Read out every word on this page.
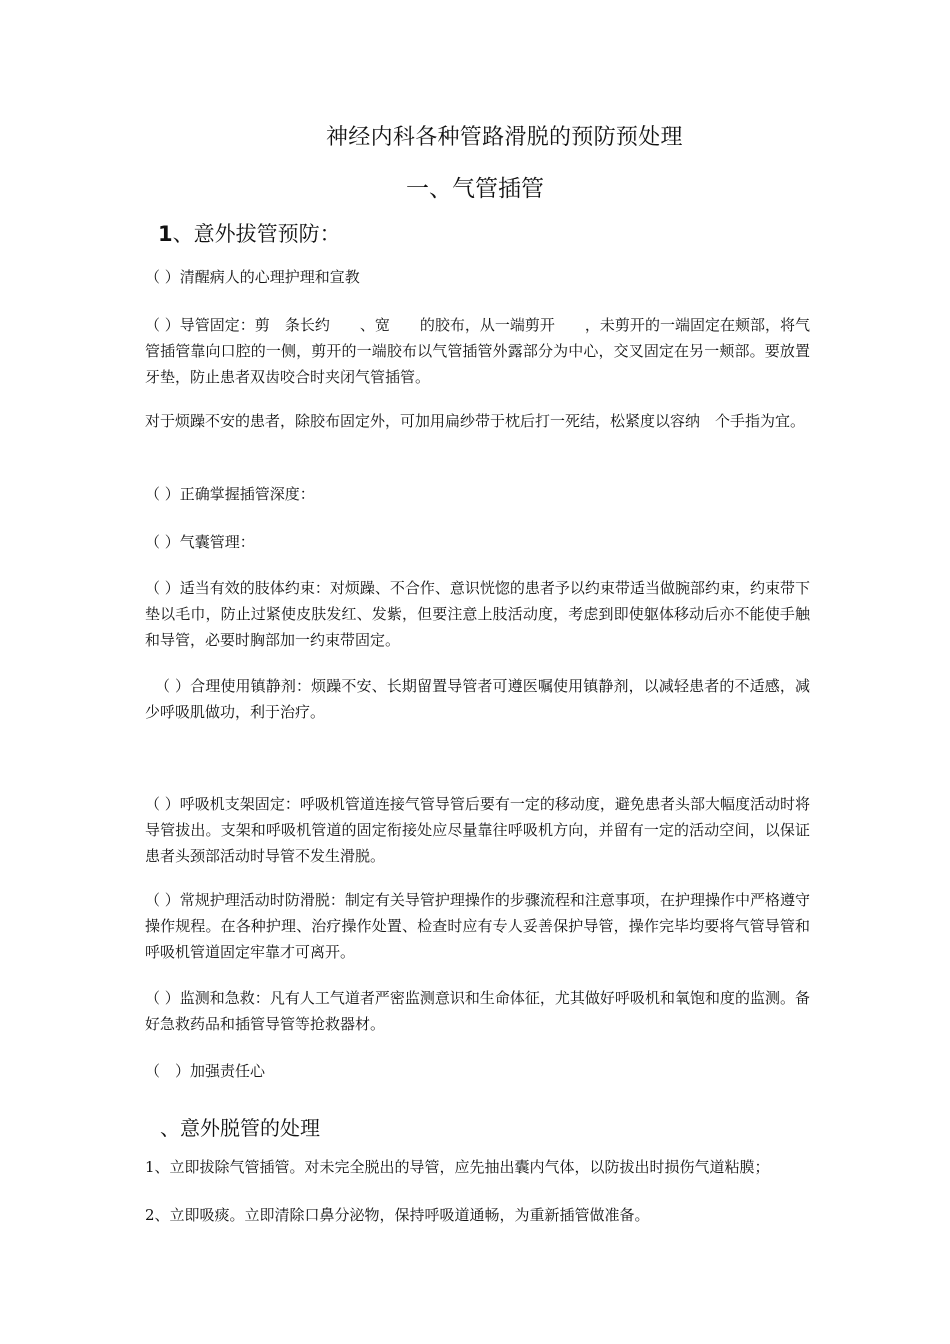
神经内科各种管路滑脱的预防预处理
一、气管插管
1、意外拔管预防：
（ ）清醒病人的心理护理和宣教
（ ）导管固定：剪　条长约　　、宽　　的胶布，从一端剪开　　，未剪开的一端固定在颊部，将气管插管靠向口腔的一侧，剪开的一端胶布以气管插管外露部分为中心，交叉固定在另一颊部。要放置牙垫，防止患者双齿咬合时夹闭气管插管。
对于烦躁不安的患者，除胶布固定外，可加用扁纱带于枕后打一死结，松紧度以容纳　个手指为宜。
（ ）正确掌握插管深度：
（ ）气囊管理：
（ ）适当有效的肢体约束：对烦躁、不合作、意识恍惚的患者予以约束带适当做腕部约束，约束带下垫以毛巾，防止过紧使皮肤发红、发紫，但要注意上肢活动度，考虑到即使躯体移动后亦不能使手触和导管，必要时胸部加一约束带固定。
（ ）合理使用镇静剂：烦躁不安、长期留置导管者可遵医嘱使用镇静剂，以减轻患者的不适感，减少呼吸肌做功，利于治疗。
（ ）呼吸机支架固定：呼吸机管道连接气管导管后要有一定的移动度，避免患者头部大幅度活动时将导管拔出。支架和呼吸机管道的固定衔接处应尽量靠往呼吸机方向，并留有一定的活动空间，以保证患者头颈部活动时导管不发生滑脱。
（ ）常规护理活动时防滑脱：制定有关导管护理操作的步骤流程和注意事项，在护理操作中严格遵守操作规程。在各种护理、治疗操作处置、检查时应有专人妥善保护导管，操作完毕均要将气管导管和呼吸机管道固定牢靠才可离开。
（ ）监测和急救：凡有人工气道者严密监测意识和生命体征，尤其做好呼吸机和氧饱和度的监测。备好急救药品和插管导管等抢救器材。
（　）加强责任心
、意外脱管的处理
1、立即拔除气管插管。对未完全脱出的导管，应先抽出囊内气体，以防拔出时损伤气道粘膜；
2、立即吸痰。立即清除口鼻分泌物，保持呼吸道通畅，为重新插管做准备。
